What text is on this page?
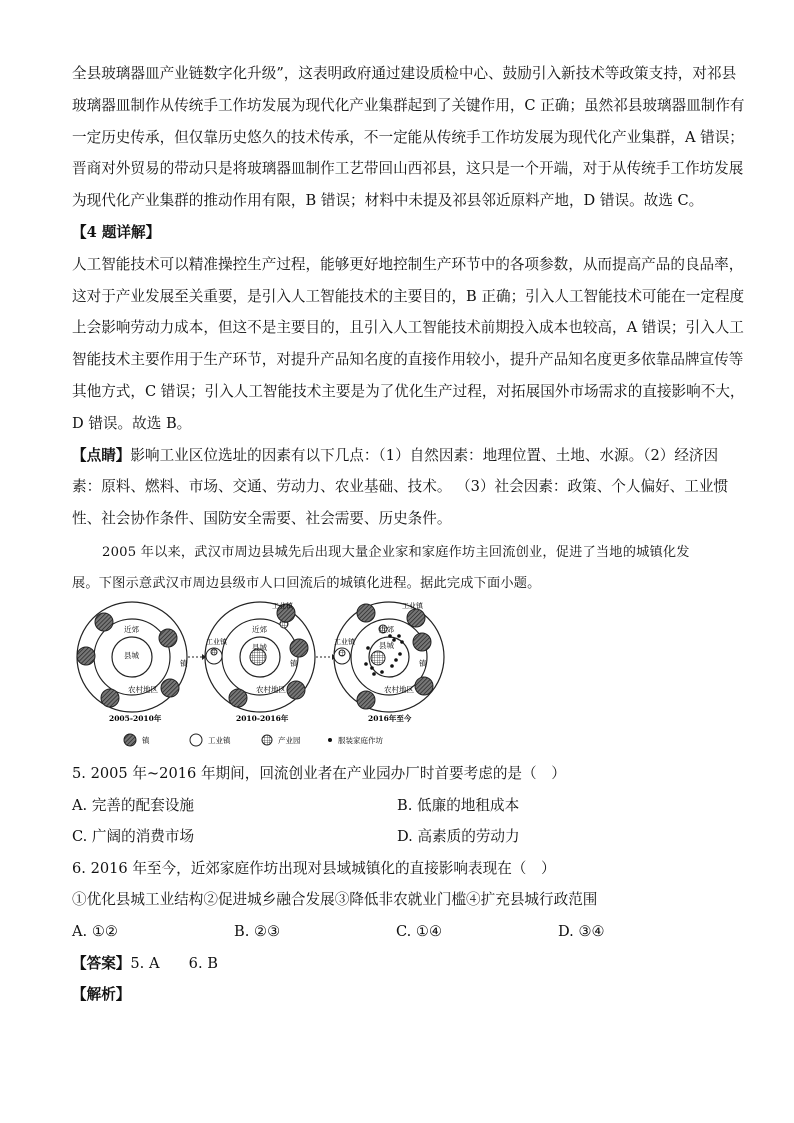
全县玻璃器皿产业链数字化升级”，这表明政府通过建设质检中心、鼓励引入新技术等政策支持，对祁县

玻璃器皿制作从传统手工作坊发展为现代化产业集群起到了关键作用，C 正确；虽然祁县玻璃器皿制作有

一定历史传承，但仅靠历史悠久的技术传承，不一定能从传统手工作坊发展为现代化产业集群，A 错误；

晋商对外贸易的带动只是将玻璃器皿制作工艺带回山西祁县，这只是一个开端，对于从传统手工作坊发展

为现代化产业集群的推动作用有限，B 错误；材料中未提及祁县邻近原料产地，D 错误。故选 C。

【4 题详解】

人工智能技术可以精准操控生产过程，能够更好地控制生产环节中的各项参数，从而提高产品的良品率，

这对于产业发展至关重要，是引入人工智能技术的主要目的，B 正确；引入人工智能技术可能在一定程度

上会影响劳动力成本，但这不是主要目的，且引入人工智能技术前期投入成本也较高，A 错误；引入人工

智能技术主要作用于生产环节，对提升产品知名度的直接作用较小，提升产品知名度更多依靠品牌宣传等

其他方式，C 错误；引入人工智能技术主要是为了优化生产过程，对拓展国外市场需求的直接影响不大，

D 错误。故选 B。

【点睛】影响工业区位选址的因素有以下几点：（1）自然因素：地理位置、土地、水源。（2）经济因

素：原料、燃料、市场、交通、劳动力、农业基础、技术。 （3）社会因素：政策、个人偏好、工业惯

性、社会协作条件、国防安全需要、社会需要、历史条件。

2005 年以来，武汉市周边县城先后出现大量企业家和家庭作坊主回流创业，促进了当地的城镇化发

展。下图示意武汉市周边县级市人口回流后的城镇化进程。据此完成下面小题。

近郊
县城
镇
农村地区
2005-2010年
工业镇
工业镇
近郊
县城
镇
农村地区
2010-2016年
工业镇
工业镇
近郊
县城
镇
农村地区
2016年至今
镇	工业镇	产业园	服装家庭作坊
5. 2005 年~2016 年期间，回流创业者在产业园办厂时首要考虑的是（　）
A. 完善的配套设施	B. 低廉的地租成本
C. 广阔的消费市场	D. 高素质的劳动力
6. 2016 年至今，近郊家庭作坊出现对县域城镇化的直接影响表现在（　）
①优化县城工业结构②促进城乡融合发展③降低非农就业门槛④扩充县城行政范围
A. ①②	B. ②③	C. ①④	D. ③④
【答案】 5. A　　6. B
【解析】
